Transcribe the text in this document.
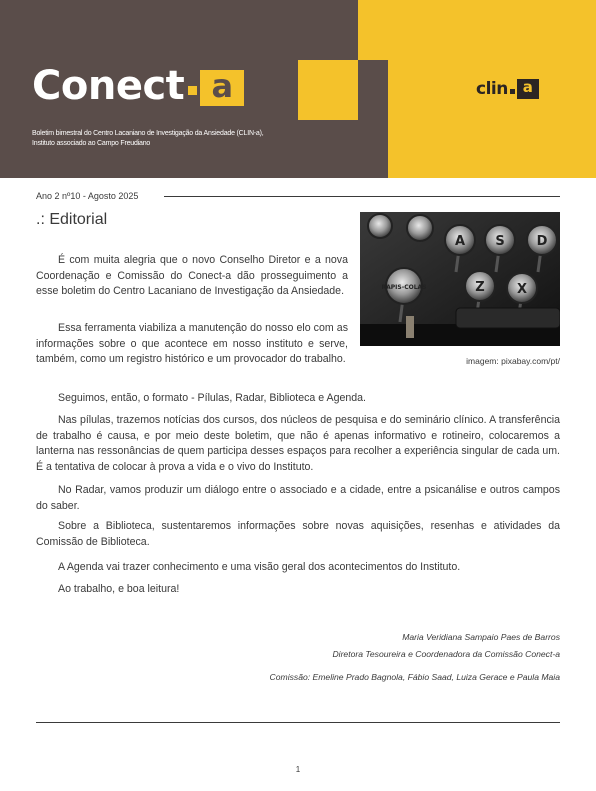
Conect a
Boletim bimestral do Centro Lacaniano de Investigação da Ansiedade (CLIN-a),
Instituto associado ao Campo Freudiano
clin a
Ano 2 nº10 - Agosto 2025
.: Editorial
A S D
Z X
RAPIS-COLAS
imagem: pixabay.com/pt/

É com muita alegria que o novo Conselho Diretor e a nova Coordenação e Comissão do Conect-a dão prosseguimento a esse boletim do Centro Lacaniano de Investigação da Ansiedade.

Essa ferramenta viabiliza a manutenção do nosso elo com as informações sobre o que acontece em nosso instituto e serve, também, como um registro histórico e um provocador do trabalho.

Seguimos, então, o formato - Pílulas, Radar, Biblioteca e Agenda.

Nas pílulas, trazemos notícias dos cursos, dos núcleos de pesquisa e do seminário clínico. A transferência de trabalho é causa, e por meio deste boletim, que não é apenas informativo e rotineiro, colocaremos a lanterna nas ressonâncias de quem participa desses espaços para recolher a experiência singular de cada um. É a tentativa de colocar à prova a vida e o vivo do Instituto.

No Radar, vamos produzir um diálogo entre o associado e a cidade, entre a psicanálise e outros campos do saber.

Sobre a Biblioteca, sustentaremos informações sobre novas aquisições, resenhas e atividades da Comissão de Biblioteca.

A Agenda vai trazer conhecimento e uma visão geral dos acontecimentos do Instituto.

Ao trabalho, e boa leitura!

Maria Veridiana Sampaio Paes de Barros
Diretora Tesoureira e Coordenadora da Comissão Conect-a
Comissão: Emeline Prado Bagnola, Fábio Saad, Luiza Gerace e Paula Maia
1
